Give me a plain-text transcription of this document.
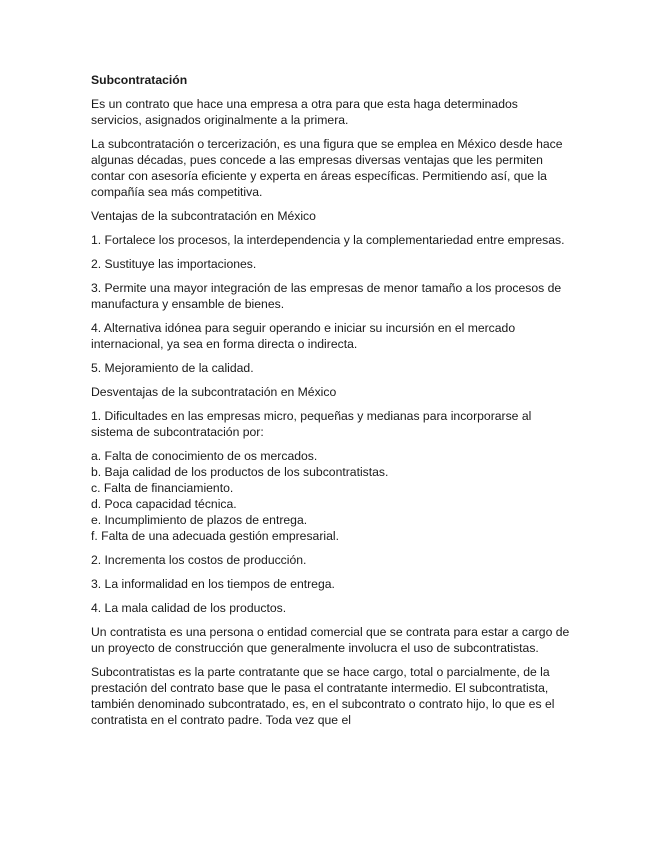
Subcontratación

Es un contrato que hace una empresa a otra para que esta haga determinados servicios, asignados originalmente a la primera.

La subcontratación o tercerización, es una figura que se emplea en México desde hace algunas décadas, pues concede a las empresas diversas ventajas que les permiten contar con asesoría eficiente y experta en áreas específicas. Permitiendo así, que la compañía sea más competitiva.

Ventajas de la subcontratación en México

1. Fortalece los procesos, la interdependencia y la complementariedad entre empresas.

2. Sustituye las importaciones.

3. Permite una mayor integración de las empresas de menor tamaño a los procesos de manufactura y ensamble de bienes.

4. Alternativa idónea para seguir operando e iniciar su incursión en el mercado internacional, ya sea en forma directa o indirecta.

5. Mejoramiento de la calidad.

Desventajas de la subcontratación en México

1. Dificultades en las empresas micro, pequeñas y medianas para incorporarse al sistema de subcontratación por:

a. Falta de conocimiento de os mercados.
b. Baja calidad de los productos de los subcontratistas.
c. Falta de financiamiento.
d. Poca capacidad técnica.
e. Incumplimiento de plazos de entrega.
f. Falta de una adecuada gestión empresarial.

2. Incrementa los costos de producción.

3. La informalidad en los tiempos de entrega.

4. La mala calidad de los productos.

Un contratista es una persona o entidad comercial que se contrata para estar a cargo de un proyecto de construcción que generalmente involucra el uso de subcontratistas.

Subcontratistas es la parte contratante que se hace cargo, total o parcialmente, de la prestación del contrato base que le pasa el contratante intermedio. El subcontratista, también denominado subcontratado, es, en el subcontrato o contrato hijo, lo que es el contratista en el contrato padre. Toda vez que el
